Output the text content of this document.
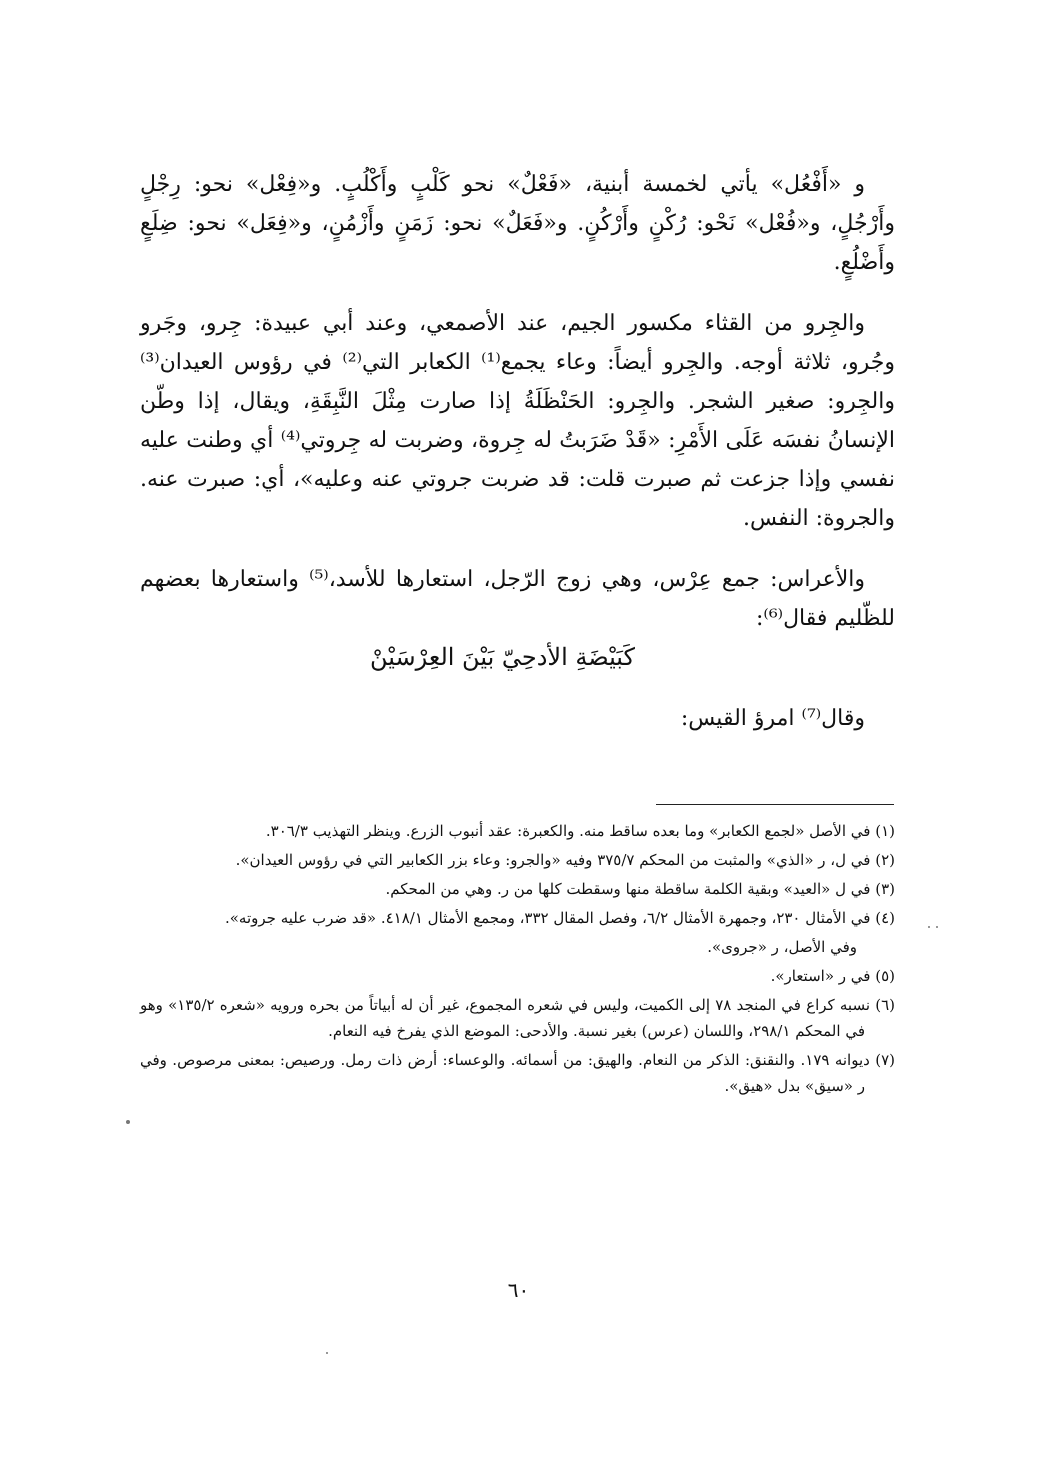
و «أَفْعُل» يأتي لخمسة أبنية، «فَعْلٌ» نحو كَلْبٍ وأَكْلُبٍ. و«فِعْل» نحو: رِجْلٍ وأَرْجُلٍ، و«فُعْل» نَحْو: رُكْنٍ وأَرْكُنٍ. و«فَعَلٌ» نحو: زَمَنٍ وأَزْمُنٍ، و«فِعَل» نحو: ضِلَعٍ وأَضْلُعٍ.

والجِرو من القثاء مكسور الجيم، عند الأصمعي، وعند أبي عبيدة: جِرو، وجَرو وجُرو، ثلاثة أوجه. والجِرو أيضاً: وعاء يجمع⁽¹⁾ الكعابر التي⁽²⁾ في رؤوس العيدان⁽³⁾ والجِرو: صغير الشجر. والجِرو: الحَنْظَلَةُ إذا صارت مِثْلَ النَّبِقَةِ، ويقال، إذا وطّن الإنسانُ نفسَه عَلَى الأَمْرِ: «قَدْ ضَرَبتُ له جِروة، وضربت له جِروتي⁽⁴⁾ أي وطنت عليه نفسي وإذا جزعت ثم صبرت قلت: قد ضربت جروتي عنه وعليه»، أي: صبرت عنه. والجروة: النفس.

والأعراس: جمع عِرْس، وهي زوج الرّجل، استعارها للأسد،⁽⁵⁾ واستعارها بعضهم للظّليم فقال⁽⁶⁾:

كَبَيْضَةِ الأدحِيّ بَيْنَ العِرْسَيْنْ

وقال⁽⁷⁾ امرؤ القيس:

(١) في الأصل «لجمع الكعابر» وما بعده ساقط منه. والكعبرة: عقد أنبوب الزرع. وينظر التهذيب ٣٠٦/٣.

(٢) في ل، ر «الذي» والمثبت من المحكم ٣٧٥/٧ وفيه «والجرو: وعاء بزر الكعابير التي في رؤوس العيدان».

(٣) في ل «العيد» وبقية الكلمة ساقطة منها وسقطت كلها من ر. وهي من المحكم.

(٤) في الأمثال ٢٣٠، وجمهرة الأمثال ٦/٢، وفصل المقال ٣٣٢، ومجمع الأمثال ٤١٨/١. «قد ضرب عليه جروته».

وفي الأصل، ر «جروى».

(٥) في ر «استعار».

(٦) نسبه كراع في المنجد ٧٨ إلى الكميت، وليس في شعره المجموع، غير أن له أبياتاً من بحره ورويه «شعره ١٣٥/٢» وهو في المحكم ٢٩٨/١، واللسان (عرس) بغير نسبة. والأدحى: الموضع الذي يفرخ فيه النعام.

(٧) ديوانه ١٧٩. والنقنق: الذكر من النعام. والهيق: من أسمائه. والوعساء: أرض ذات رمل. ورصيص: بمعنى مرصوص. وفي ر «سيق» بدل «هيق».

٦٠
